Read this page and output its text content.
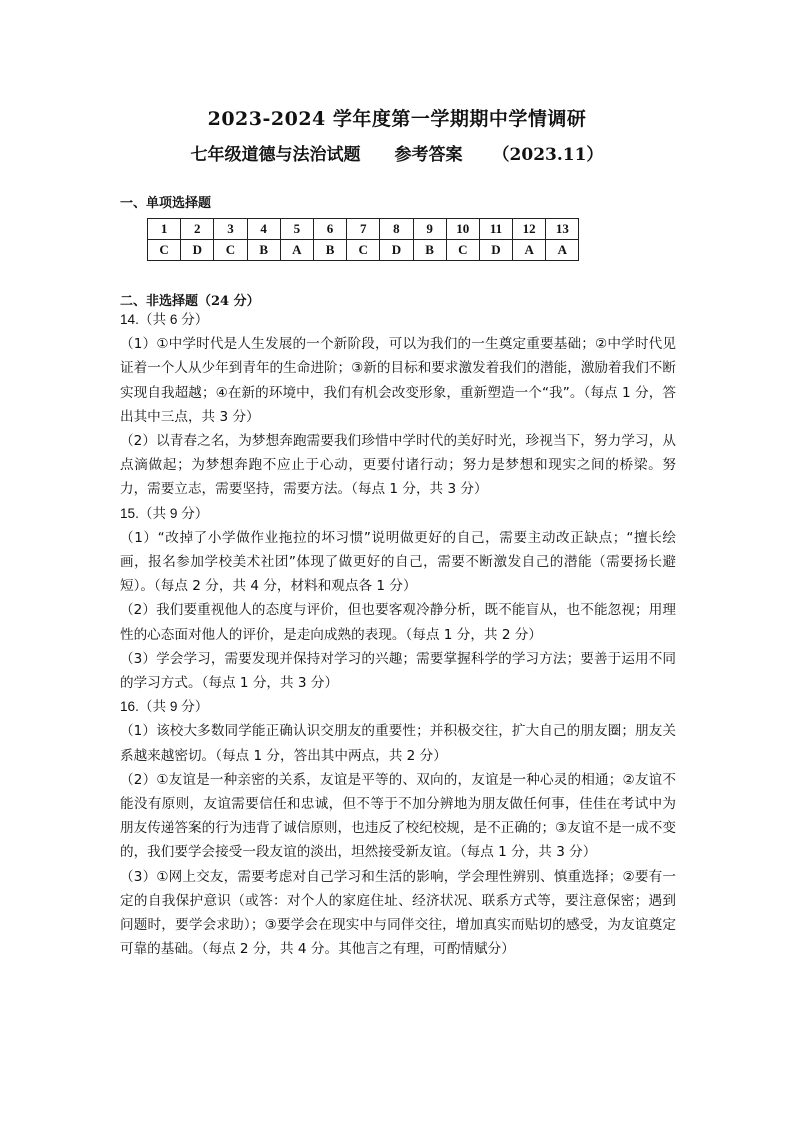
2023-2024 学年度第一学期期中学情调研
七年级道德与法治试题 参考答案 （2023.11）
一、单项选择题
1	2	3	4	5	6	7	8	9	10	11	12	13
C	D	C	B	A	B	C	D	B	C	D	A	A
二、非选择题（24 分）

14.（共 6 分）

（1）①中学时代是人生发展的一个新阶段，可以为我们的一生奠定重要基础；②中学时代见证着一个人从少年到青年的生命进阶；③新的目标和要求激发着我们的潜能，激励着我们不断实现自我超越；④在新的环境中，我们有机会改变形象，重新塑造一个“我”。（每点 1 分，答出其中三点，共 3 分）

（2）以青春之名，为梦想奔跑需要我们珍惜中学时代的美好时光，珍视当下，努力学习，从点滴做起；为梦想奔跑不应止于心动，更要付诸行动；努力是梦想和现实之间的桥梁。努力，需要立志，需要坚持，需要方法。（每点 1 分，共 3 分）

15.（共 9 分）

（1）“改掉了小学做作业拖拉的坏习惯”说明做更好的自己，需要主动改正缺点；“擅长绘画，报名参加学校美术社团”体现了做更好的自己，需要不断激发自己的潜能（需要扬长避短）。（每点 2 分，共 4 分，材料和观点各 1 分）

（2）我们要重视他人的态度与评价，但也要客观冷静分析，既不能盲从，也不能忽视；用理性的心态面对他人的评价，是走向成熟的表现。（每点 1 分，共 2 分）

（3）学会学习，需要发现并保持对学习的兴趣；需要掌握科学的学习方法；要善于运用不同的学习方式。（每点 1 分，共 3 分）

16.（共 9 分）

（1）该校大多数同学能正确认识交朋友的重要性；并积极交往，扩大自己的朋友圈；朋友关系越来越密切。（每点 1 分，答出其中两点，共 2 分）

（2）①友谊是一种亲密的关系，友谊是平等的、双向的，友谊是一种心灵的相通；②友谊不能没有原则，友谊需要信任和忠诚，但不等于不加分辨地为朋友做任何事，佳佳在考试中为朋友传递答案的行为违背了诚信原则，也违反了校纪校规，是不正确的；③友谊不是一成不变的，我们要学会接受一段友谊的淡出，坦然接受新友谊。（每点 1 分，共 3 分）

（3）①网上交友，需要考虑对自己学习和生活的影响，学会理性辨别、慎重选择；②要有一定的自我保护意识（或答：对个人的家庭住址、经济状况、联系方式等，要注意保密；遇到问题时，要学会求助）；③要学会在现实中与同伴交往，增加真实而贴切的感受，为友谊奠定可靠的基础。（每点 2 分，共 4 分。其他言之有理，可酌情赋分）
